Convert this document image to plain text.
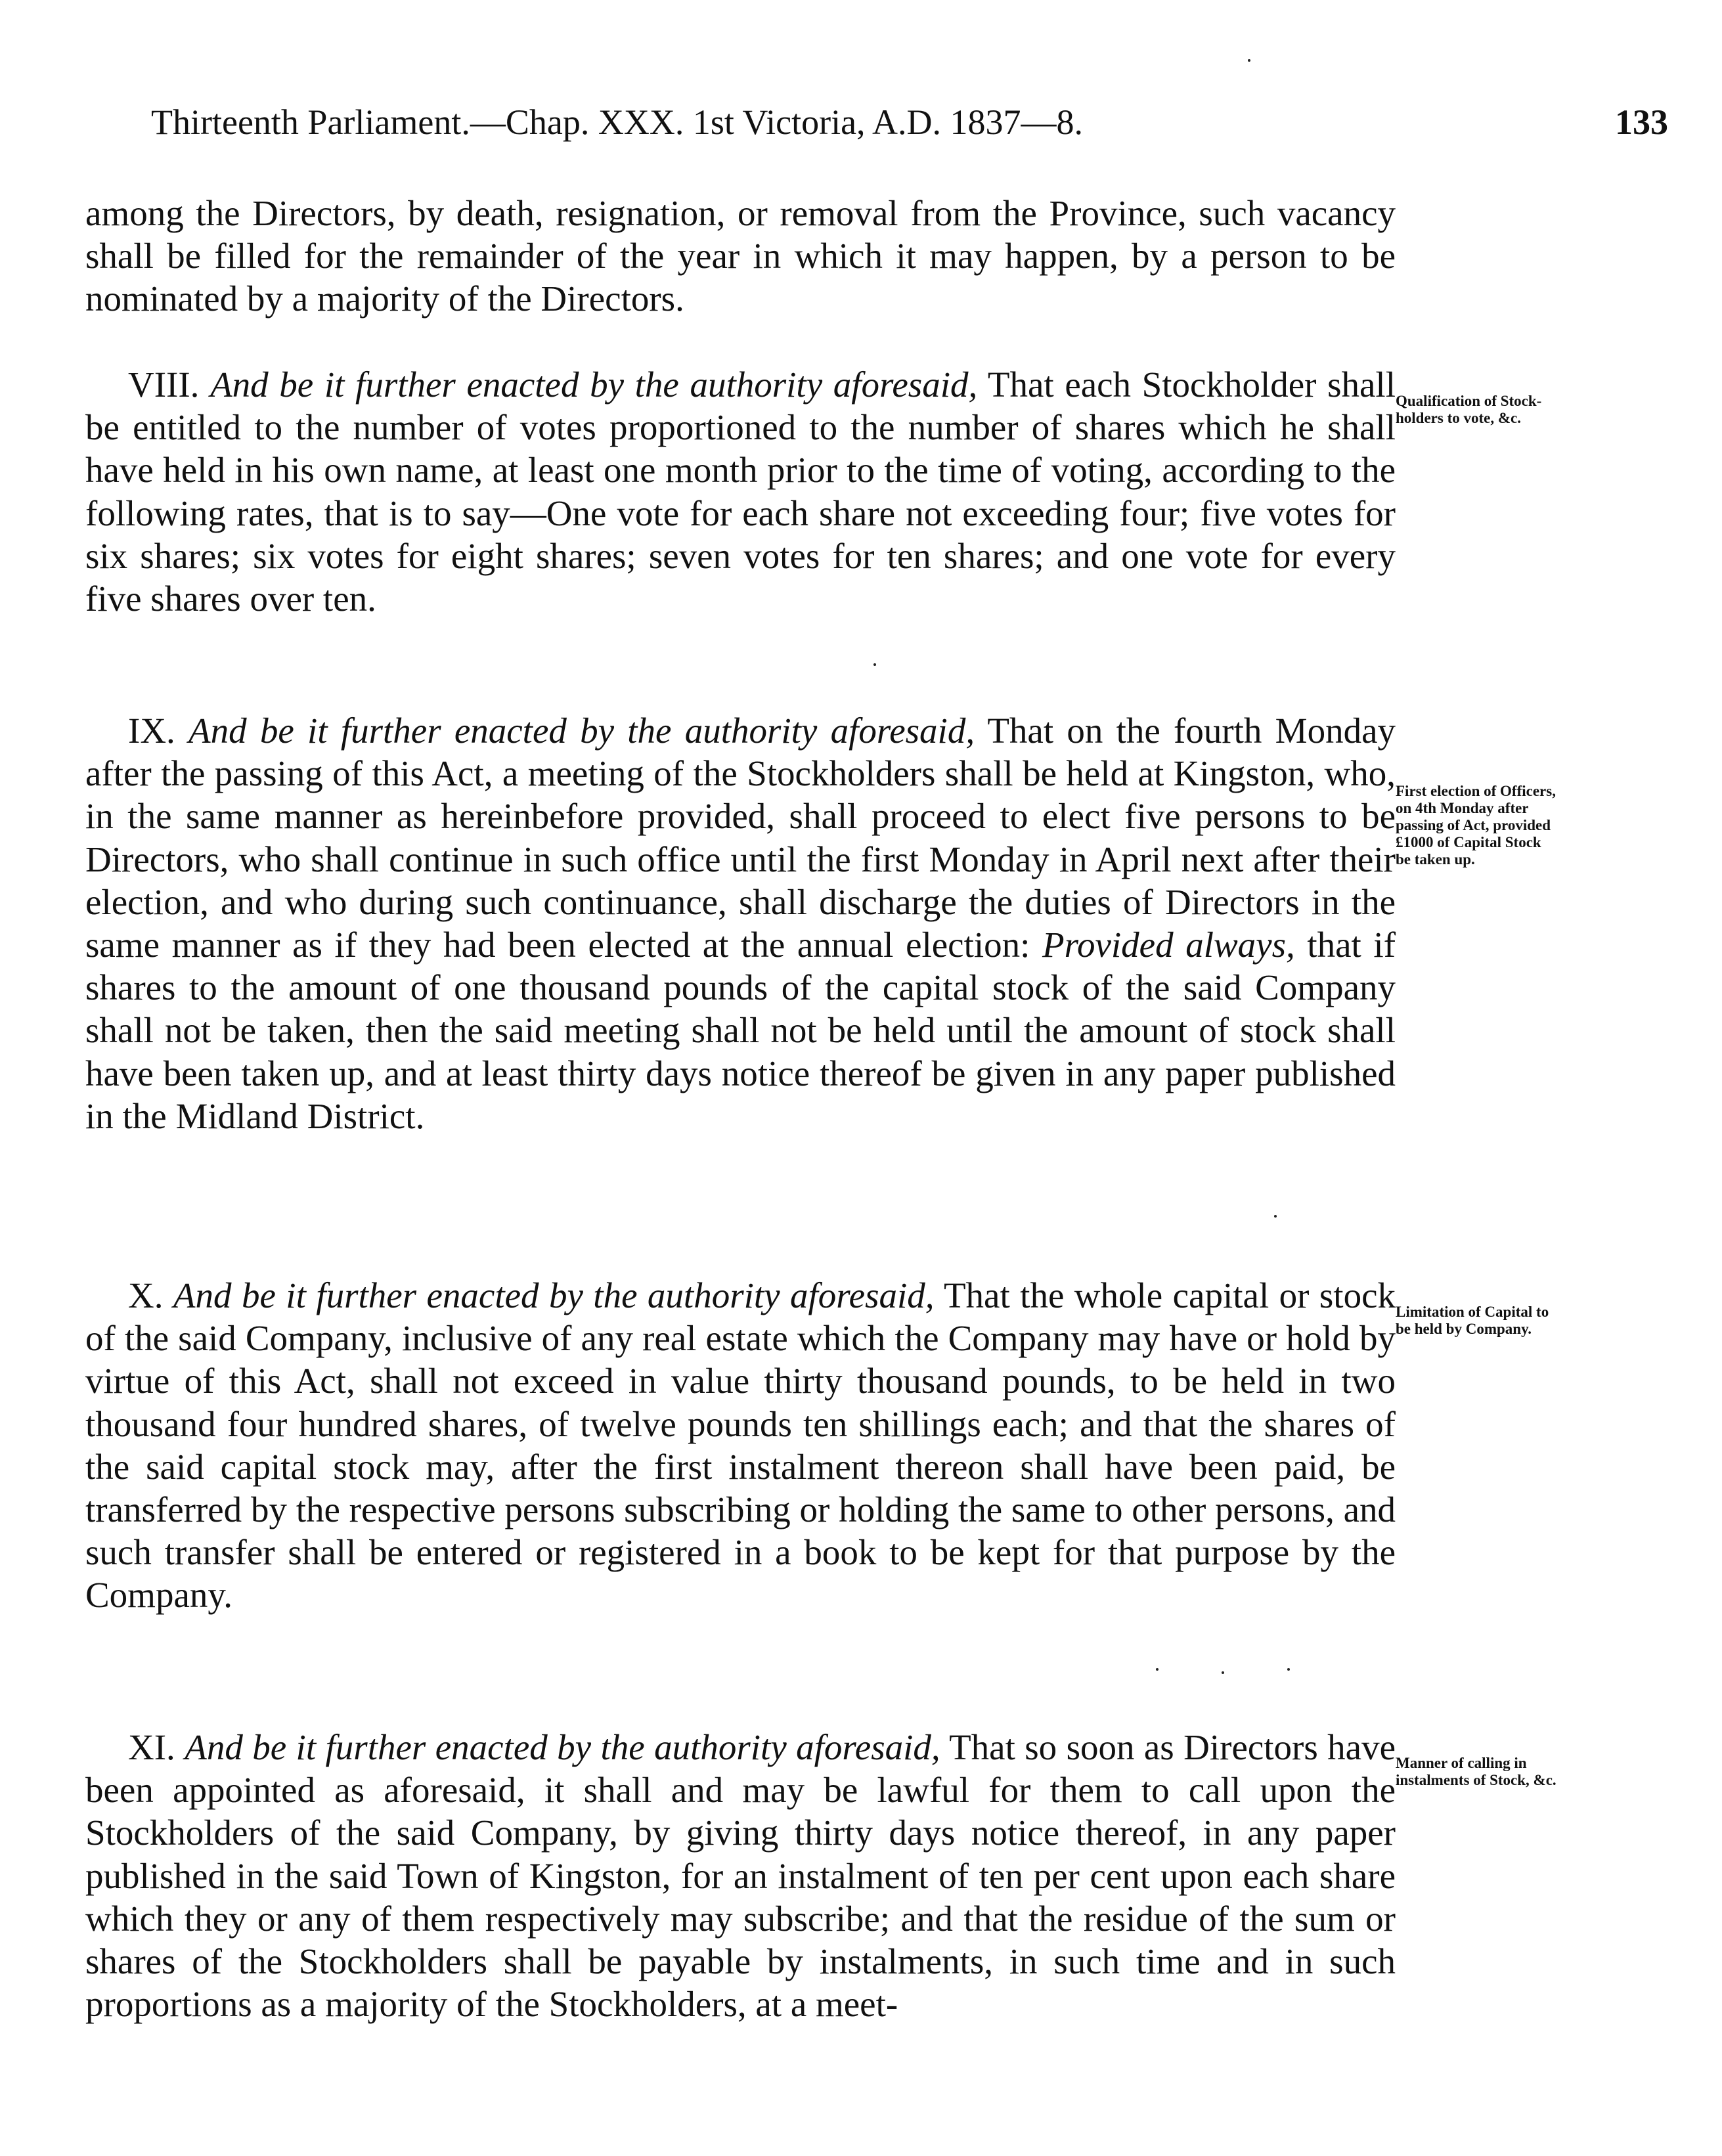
Thirteenth Parliament.—Chap. XXX. 1st Victoria, A.D. 1837—8.	133

among the Directors, by death, resignation, or removal from the Province, such vacancy shall be filled for the remainder of the year in which it may happen, by a person to be nominated by a majority of the Directors.

VIII. And be it further enacted by the authority aforesaid, That each Stockholder shall be entitled to the number of votes proportioned to the number of shares which he shall have held in his own name, at least one month prior to the time of voting, according to the following rates, that is to say—One vote for each share not exceeding four; five votes for six shares; six votes for eight shares; seven votes for ten shares; and one vote for every five shares over ten.

Qualification of Stock-
holders to vote, &c.

IX. And be it further enacted by the authority aforesaid, That on the fourth Monday after the passing of this Act, a meeting of the Stockholders shall be held at Kingston, who, in the same manner as hereinbefore provided, shall proceed to elect five persons to be Directors, who shall continue in such office until the first Monday in April next after their election, and who during such continuance, shall discharge the duties of Directors in the same manner as if they had been elected at the annual election: Provided always, that if shares to the amount of one thousand pounds of the capital stock of the said Company shall not be taken, then the said meeting shall not be held until the amount of stock shall have been taken up, and at least thirty days notice thereof be given in any paper published in the Midland District.

First election of Officers,
on 4th Monday after
passing of Act, provided
£1000 of Capital Stock
be taken up.

X. And be it further enacted by the authority aforesaid, That the whole capital or stock of the said Company, inclusive of any real estate which the Company may have or hold by virtue of this Act, shall not exceed in value thirty thousand pounds, to be held in two thousand four hundred shares, of twelve pounds ten shillings each; and that the shares of the said capital stock may, after the first instalment thereon shall have been paid, be transferred by the respective persons subscribing or holding the same to other persons, and such transfer shall be entered or registered in a book to be kept for that purpose by the Company.

Limitation of Capital to
be held by Company.

XI. And be it further enacted by the authority aforesaid, That so soon as Directors have been appointed as aforesaid, it shall and may be lawful for them to call upon the Stockholders of the said Company, by giving thirty days notice thereof, in any paper published in the said Town of Kingston, for an instalment of ten per cent upon each share which they or any of them respectively may subscribe; and that the residue of the sum or shares of the Stockholders shall be payable by instalments, in such time and in such proportions as a majority of the Stockholders, at a meet-

Manner of calling in
instalments of Stock, &c.
